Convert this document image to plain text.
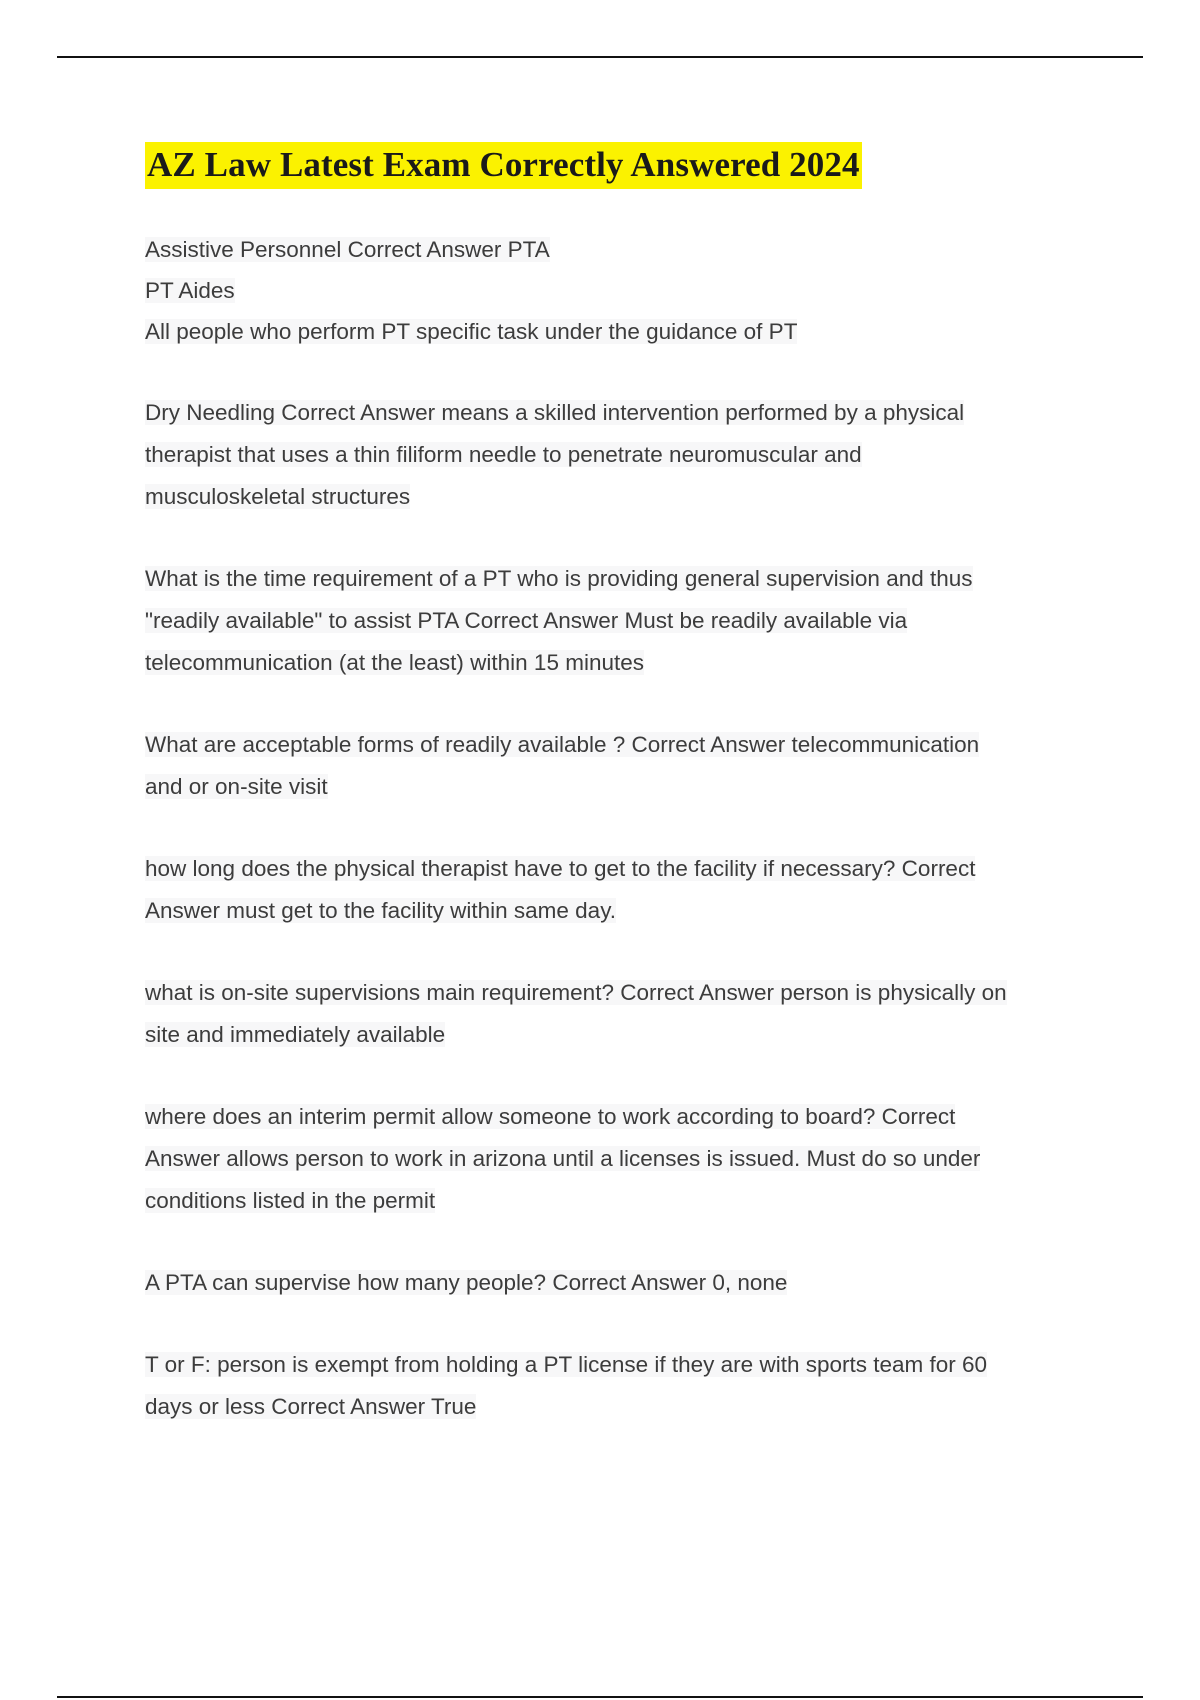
AZ Law Latest Exam Correctly Answered 2024

Assistive Personnel Correct Answer PTA

PT Aides

All people who perform PT specific task under the guidance of PT

Dry Needling Correct Answer means a skilled intervention performed by a physical

therapist that uses a thin filiform needle to penetrate neuromuscular and

musculoskeletal structures

What is the time requirement of a PT who is providing general supervision and thus

"readily available" to assist PTA Correct Answer Must be readily available via

telecommunication (at the least) within 15 minutes

What are acceptable forms of readily available ? Correct Answer telecommunication

and or on-site visit

how long does the physical therapist have to get to the facility if necessary? Correct

Answer must get to the facility within same day.

what is on-site supervisions main requirement? Correct Answer person is physically on

site and immediately available

where does an interim permit allow someone to work according to board? Correct

Answer allows person to work in arizona until a licenses is issued. Must do so under

conditions listed in the permit

A PTA can supervise how many people? Correct Answer 0, none

T or F: person is exempt from holding a PT license if they are with sports team for 60

days or less Correct Answer True
